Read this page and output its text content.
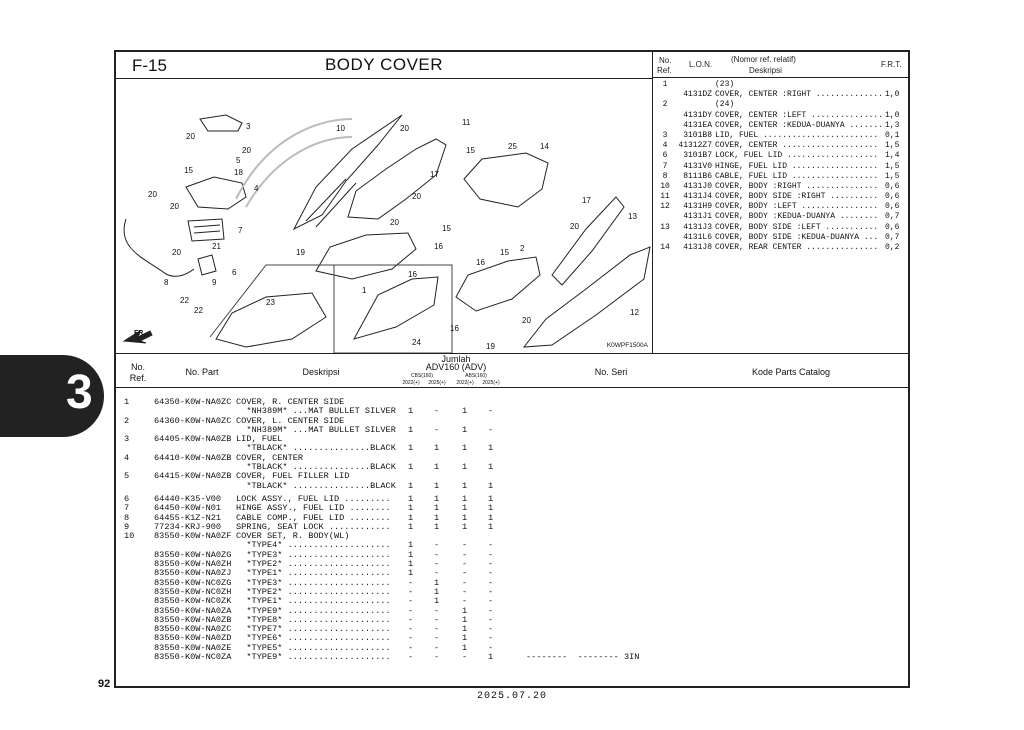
F-15	BODY COVER
20
3
20
5
15	18
20
4
20
7
21
20
6
9
8
22
22
23
10	20
11
17
20
20
15
16
19
1
16
24
15	25	14
17
20
13
2
16
16
15
19
20
12
FR.
K0WPF1500A
No.
Ref.
L.O.N.
(Nomor ref. relatif)
Deskripsi
F.R.T.
1	(23)
4131DZ COVER, CENTER :RIGHT .............. 1,0
2	(24)
4131DY COVER, CENTER :LEFT ............... 1,0
4131EA COVER, CENTER :KEDUA-DUANYA ....... 1,3
3	3101B8 LID, FUEL ........................ 0,1
4	41312Z7 COVER, CENTER .................... 1,5
6	3101B7 LOCK, FUEL LID ................... 1,4
7	4131V0 HINGE, FUEL LID .................. 1,5
8	8111B6 CABLE, FUEL LID .................. 1,5
10	4131J0 COVER, BODY :RIGHT ............... 0,6
11	4131J4 COVER, BODY SIDE :RIGHT .......... 0,6
12	4131H9 COVER, BODY :LEFT ................ 0,6
4131J1 COVER, BODY :KEDUA-DUANYA ........ 0,7
13	4131J3 COVER, BODY SIDE :LEFT ........... 0,6
4131L6 COVER, BODY SIDE :KEDUA-DUANYA ... 0,7
14	4131J8 COVER, REAR CENTER ............... 0,2
No.
Ref.
No. Part	Deskripsi
Jumlah
ADV160 (ADV)
CBS(160)	ABS(160)
2022(+)	2025(+)	2022(+)	2025(+)
No. Seri	Kode Parts Catalog
1	64350-K0W-NA0ZC COVER, R. CENTER SIDE
*NH389M* ...MAT BULLET SILVER 1 -	1 -
2	64360-K0W-NA0ZC COVER, L. CENTER SIDE
*NH389M* ...MAT BULLET SILVER 1 -	1 -
3	64405-K0W-NA0ZB LID, FUEL
*TBLACK* ...............BLACK 1 1	1 1
4	64410-K0W-NA0ZB COVER, CENTER
*TBLACK* ...............BLACK 1 1	1 1
5	64415-K0W-NA0ZB COVER, FUEL FILLER LID
*TBLACK* ...............BLACK 1 1	1 1
6	64440-K35-V00 LOCK ASSY., FUEL LID ......... 1 1	1 1
7	64450-K0W-N01 HINGE ASSY., FUEL LID ........ 1 1	1 1
8	64455-K1Z-N21 CABLE COMP., FUEL LID ........ 1 1	1 1
9	77234-KRJ-900 SPRING, SEAT LOCK ............ 1 1	1 1
10 83550-K0W-NA0ZF COVER SET, R. BODY(WL)
*TYPE4* .................... 1 -	- -
83550-K0W-NA0ZG *TYPE3* .................... 1 -	- -
83550-K0W-NA0ZH *TYPE2* .................... 1 -	- -
83550-K0W-NA0ZJ *TYPE1* .................... 1 -	- -
83550-K0W-NC0ZG *TYPE3* .................... - 1	- -
83550-K0W-NC0ZH *TYPE2* .................... - 1	- -
83550-K0W-NC0ZK *TYPE1* .................... - 1	- -
83550-K0W-NA0ZA *TYPE9* .................... - -	1 -
83550-K0W-NA0ZB *TYPE8* .................... - -	1 -
83550-K0W-NA0ZC *TYPE7* .................... - -	1 -
83550-K0W-NA0ZD *TYPE6* .................... - -	1 -
83550-K0W-NA0ZE *TYPE5* .................... - -	1 -
83550-K0W-NC0ZA *TYPE9* .................... - -	- 1	--------  -------- 3IN
3
92
2025.07.20
